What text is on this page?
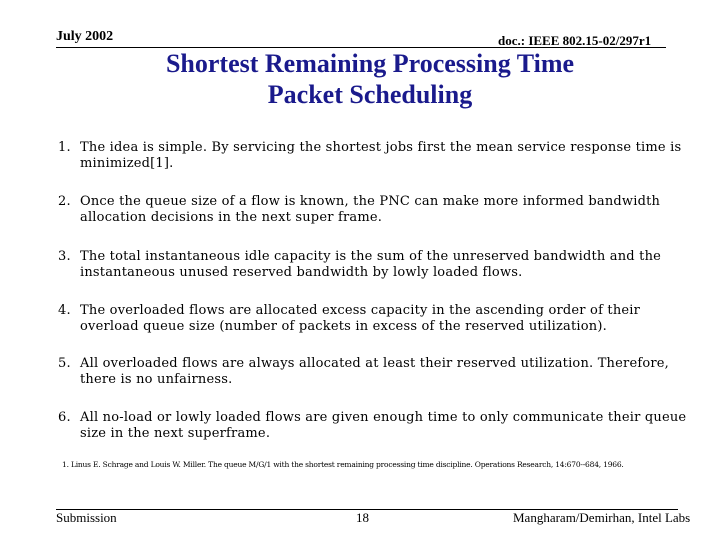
July 2002	doc.: IEEE 802.15-02/297r1
Shortest Remaining Processing Time
Packet Scheduling
1. The idea is simple. By servicing the shortest jobs first the mean service response time is minimized[1].
2. Once the queue size of a flow is known, the PNC can make more informed bandwidth allocation decisions in the next super frame.
3. The total instantaneous idle capacity is the sum of the unreserved bandwidth and the instantaneous unused reserved bandwidth by lowly loaded flows.
4. The overloaded flows are allocated excess capacity in the ascending order of their overload queue size (number of packets in excess of the reserved utilization).
5. All overloaded flows are always allocated at least their reserved utilization. Therefore, there is no unfairness.
6. All no-load or lowly loaded flows are given enough time to only communicate their queue size in the next superframe.
1. Linus E. Schrage and Louis W. Miller. The queue M/G/1 with the shortest remaining processing time discipline. Operations Research, 14:670--684, 1966.
Submission	18	Mangharam/Demirhan, Intel Labs
